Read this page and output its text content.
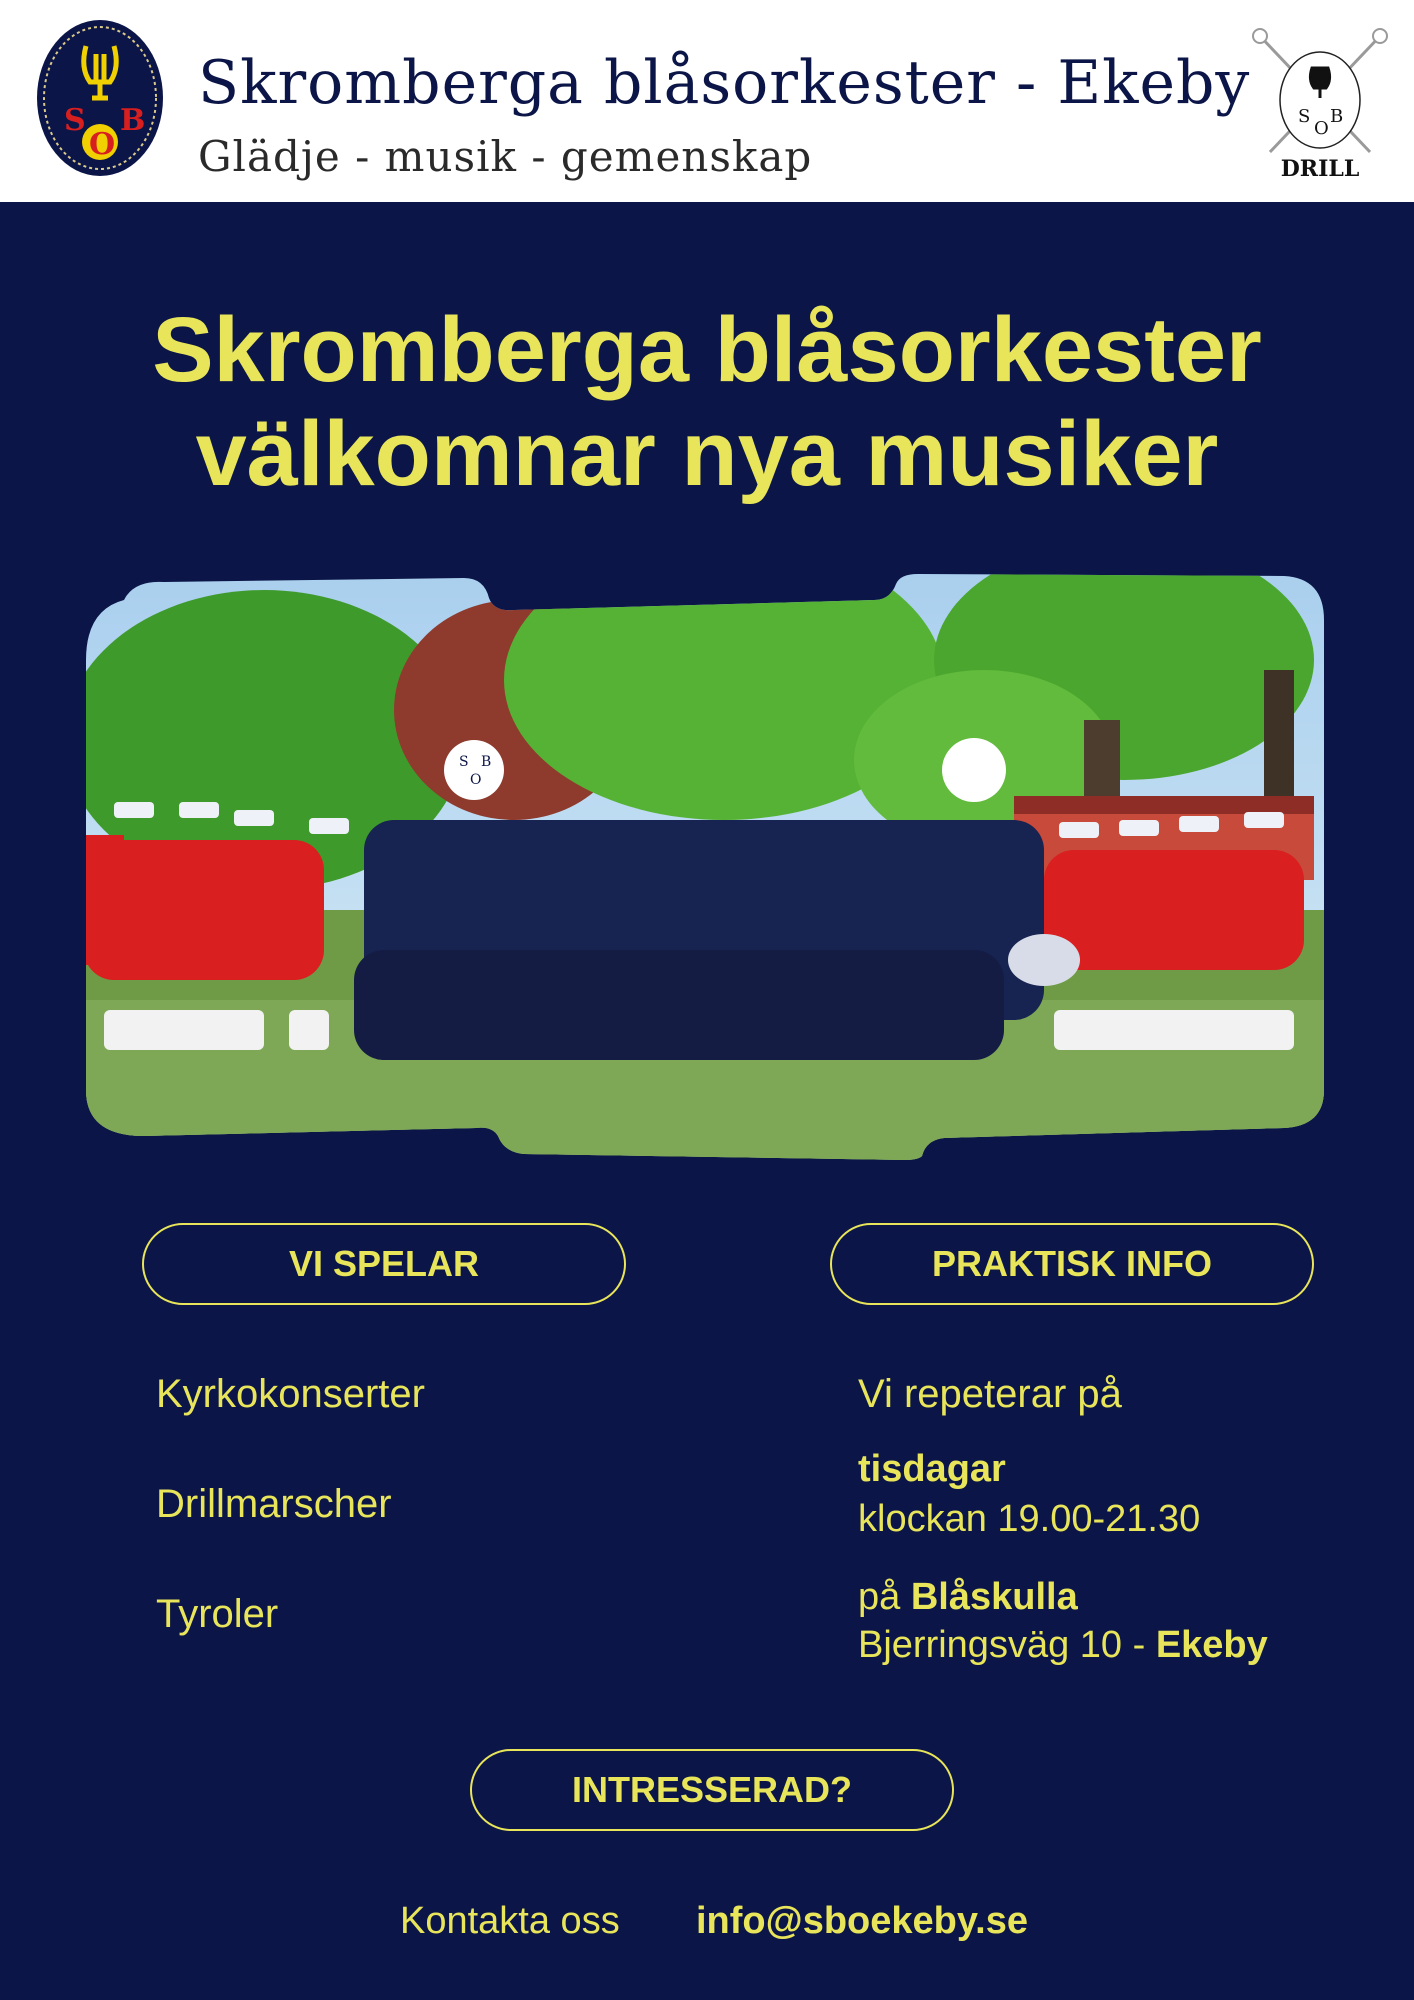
S B
O
Skromberga blåsorkester - Ekeby
Glädje - musik - gemenskap
S
O
B
DRILL
Skromberga blåsorkester
välkomnar nya musiker
S
O
B
VI SPELAR	PRAKTISK INFO
Kyrkokonserter
Drillmarscher
Tyroler
Vi repeterar på
tisdagar
klockan 19.00-21.30
på Blåskulla
Bjerringsväg 10 - Ekeby
INTRESSERAD?
Kontakta oss info@sboekeby.se
